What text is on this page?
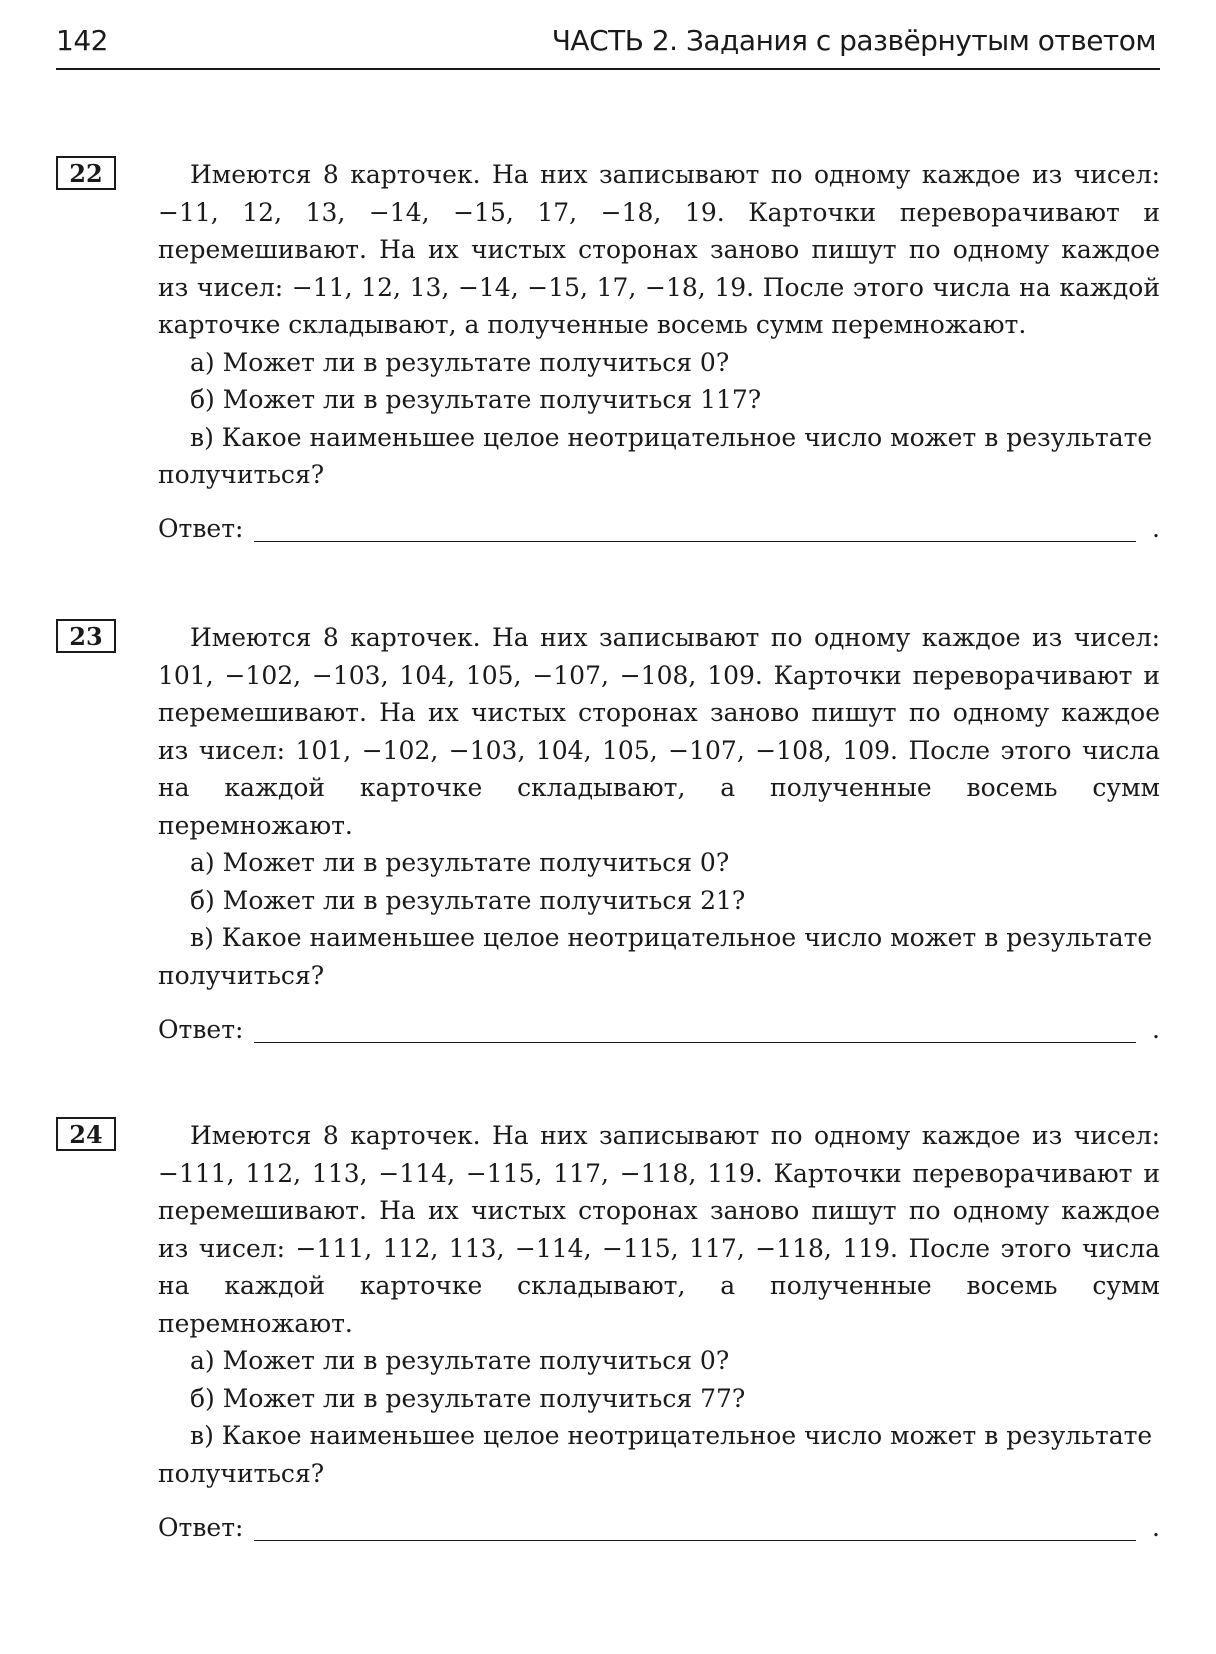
142	ЧАСТЬ 2. Задания с развёрнутым ответом
22	Имеются 8 карточек. На них записывают по одному каждое из чисел: −11, 12, 13, −14, −15, 17, −18, 19. Карточки переворачивают и перемешивают. На их чистых сторонах заново пишут по одному каждое из чисел: −11, 12, 13, −14, −15, 17, −18, 19. После этого числа на каждой карточке складывают, а полученные восемь сумм перемножают.

а) Может ли в результате получиться 0?

б) Может ли в результате получиться 117?

в) Какое наименьшее целое неотрицательное число может в результате получиться?

Ответ:	.
23	Имеются 8 карточек. На них записывают по одному каждое из чисел: 101, −102, −103, 104, 105, −107, −108, 109. Карточки переворачивают и перемешивают. На их чистых сторонах заново пишут по одному каждое из чисел: 101, −102, −103, 104, 105, −107, −108, 109. После этого числа на каждой карточке складывают, а полученные восемь сумм перемножают.

а) Может ли в результате получиться 0?

б) Может ли в результате получиться 21?

в) Какое наименьшее целое неотрицательное число может в результате получиться?

Ответ:	.
24	Имеются 8 карточек. На них записывают по одному каждое из чисел: −111, 112, 113, −114, −115, 117, −118, 119. Карточки переворачивают и перемешивают. На их чистых сторонах заново пишут по одному каждое из чисел: −111, 112, 113, −114, −115, 117, −118, 119. После этого числа на каждой карточке складывают, а полученные восемь сумм перемножают.

а) Может ли в результате получиться 0?

б) Может ли в результате получиться 77?

в) Какое наименьшее целое неотрицательное число может в результате получиться?

Ответ:	.
